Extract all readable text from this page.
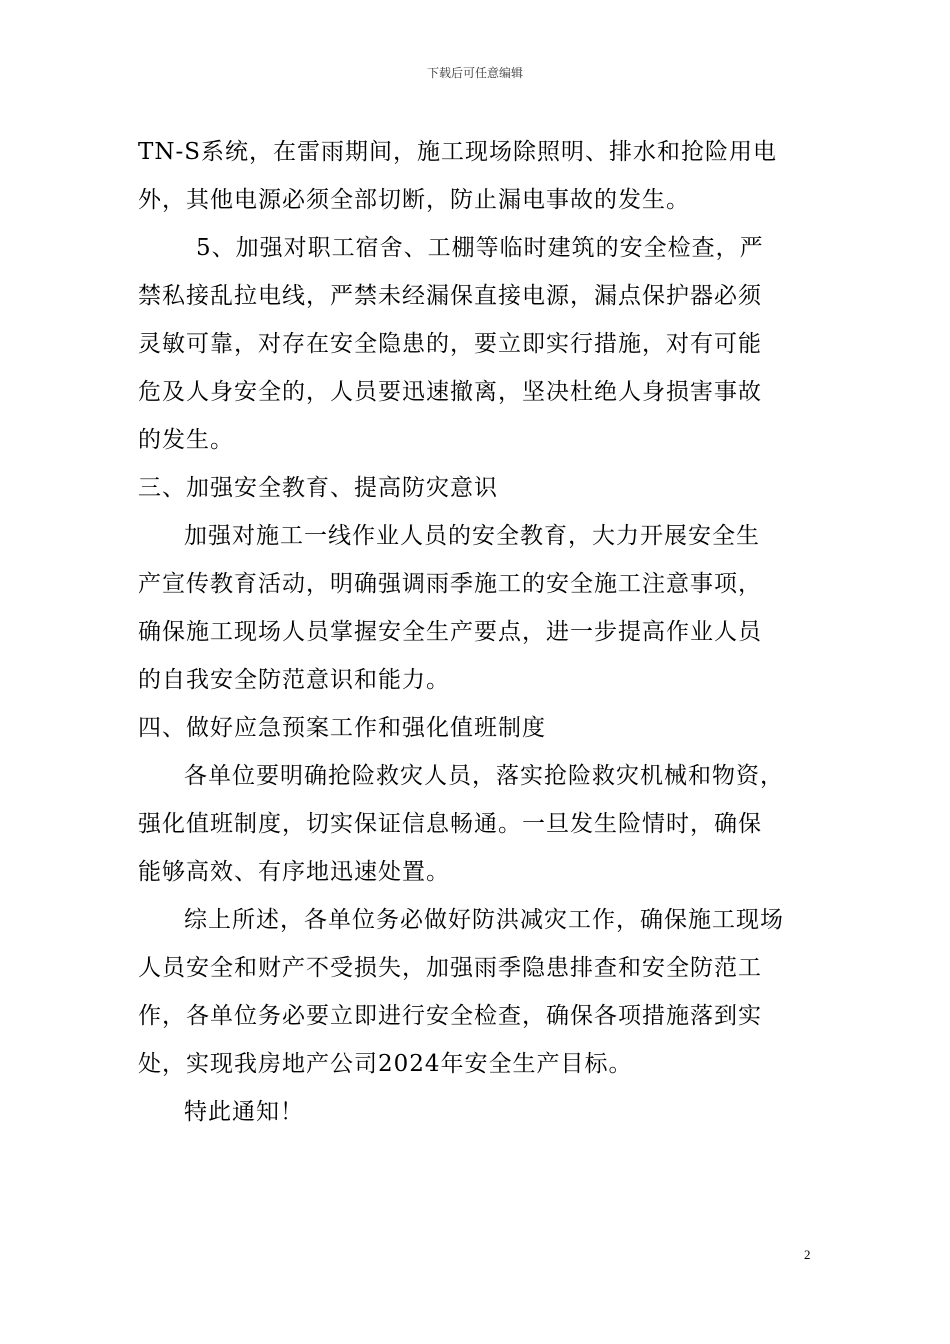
下载后可任意编辑
TN-S系统，在雷雨期间，施工现场除照明、排水和抢险用电
外，其他电源必须全部切断，防止漏电事故的发生。
5、加强对职工宿舍、工棚等临时建筑的安全检查，严
禁私接乱拉电线，严禁未经漏保直接电源，漏点保护器必须
灵敏可靠，对存在安全隐患的，要立即实行措施，对有可能
危及人身安全的，人员要迅速撤离，坚决杜绝人身损害事故
的发生。
三、加强安全教育、提高防灾意识
加强对施工一线作业人员的安全教育，大力开展安全生
产宣传教育活动，明确强调雨季施工的安全施工注意事项，
确保施工现场人员掌握安全生产要点，进一步提高作业人员
的自我安全防范意识和能力。
四、做好应急预案工作和强化值班制度
各单位要明确抢险救灾人员，落实抢险救灾机械和物资，
强化值班制度，切实保证信息畅通。一旦发生险情时，确保
能够高效、有序地迅速处置。
综上所述，各单位务必做好防洪减灾工作，确保施工现场
人员安全和财产不受损失，加强雨季隐患排查和安全防范工
作，各单位务必要立即进行安全检查，确保各项措施落到实
处，实现我房地产公司2024年安全生产目标。
特此通知！
2
